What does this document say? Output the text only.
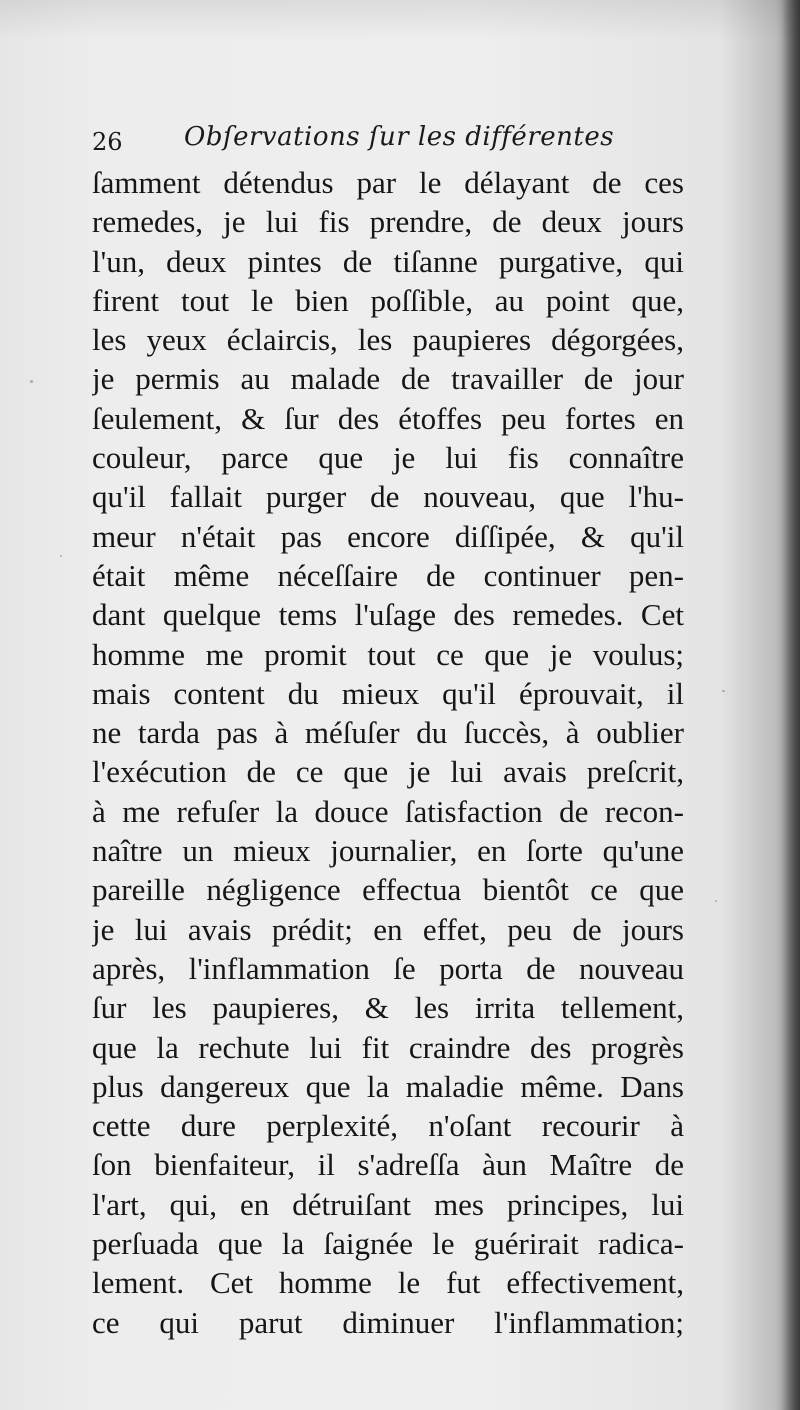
26 Obſervations ſur les différentes
ſamment détendus par le délayant de ces
remedes, je lui fis prendre, de deux jours
l'un, deux pintes de tiſanne purgative, qui
firent tout le bien poſſible, au point que,
les yeux éclaircis, les paupieres dégorgées,
je permis au malade de travailler de jour
ſeulement, & ſur des étoffes peu fortes en
couleur, parce que je lui fis connaître
qu'il fallait purger de nouveau, que l'hu-
meur n'était pas encore diſſipée, & qu'il
était même néceſſaire de continuer pen-
dant quelque tems l'uſage des remedes. Cet
homme me promit tout ce que je voulus;
mais content du mieux qu'il éprouvait, il
ne tarda pas à méſuſer du ſuccès, à oublier
l'exécution de ce que je lui avais preſcrit,
à me refuſer la douce ſatisfaction de recon-
naître un mieux journalier, en ſorte qu'une
pareille négligence effectua bientôt ce que
je lui avais prédit; en effet, peu de jours
après, l'inflammation ſe porta de nouveau
ſur les paupieres, & les irrita tellement,
que la rechute lui fit craindre des progrès
plus dangereux que la maladie même. Dans
cette dure perplexité, n'oſant recourir à
ſon bienfaiteur, il s'adreſſa àun Maître de
l'art, qui, en détruiſant mes principes, lui
perſuada que la ſaignée le guérirait radica-
lement. Cet homme le fut effectivement,
ce qui parut diminuer l'inflammation;
